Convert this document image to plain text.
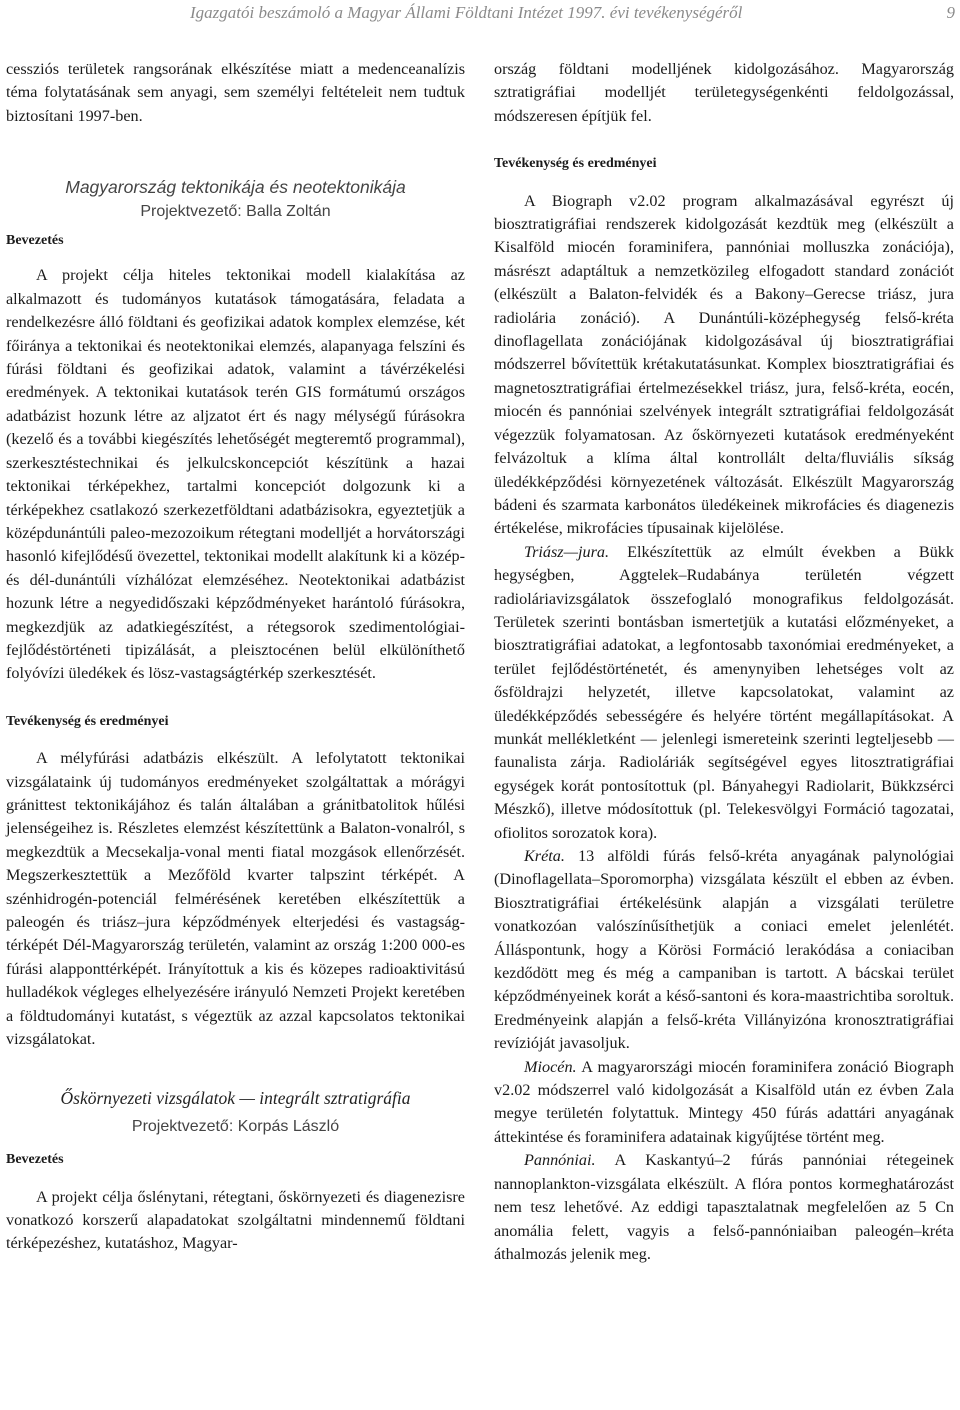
Igazgatói beszámoló a Magyar Állami Földtani Intézet 1997. évi tevékenységéről	9

cessziós területek rangsorának elkészítése miatt a medenceanalízis téma folytatásának sem anyagi, sem személyi feltételeit nem tudtuk biztosítani 1997-ben.

Magyarország tektonikája és neotektonikája

Projektvezető: Balla Zoltán

Bevezetés

A projekt célja hiteles tektonikai modell kialakítása az alkalmazott és tudományos kutatások támogatására, feladata a rendelkezésre álló földtani és geofizikai adatok komplex elemzése, két főiránya a tektonikai és neotektonikai elemzés, alapanyaga felszíni és fúrási földtani és geofizikai adatok, valamint a távérzékelési eredmények. A tektonikai kutatások terén GIS formátumú országos adatbázist hozunk létre az aljzatot ért és nagy mélységű fúrásokra (kezelő és a további kiegészítés lehetőségét megteremtő programmal), szerkesztéstechnikai és jelkulcskoncepciót készítünk a hazai tektonikai térképekhez, tartalmi koncepciót dolgozunk ki a térképekhez csatlakozó szerkezetföldtani adatbázisokra, egyeztetjük a középdunántúli paleo-mezozoikum rétegtani modelljét a horvátországi hasonló kifejlődésű övezettel, tektonikai modellt alakítunk ki a közép- és dél-dunántúli vízhálózat elemzéséhez. Neotektonikai adatbázist hozunk létre a negyedidőszaki képződményeket harántoló fúrásokra, megkezdjük az adatkiegészítést, a rétegsorok szedimentológiai-fejlődéstörténeti tipizálását, a pleisztocénen belül elkülöníthető folyóvízi üledékek és lösz-vastagságtérkép szerkesztését.

Tevékenység és eredményei

A mélyfúrási adatbázis elkészült. A lefolytatott tektonikai vizsgálataink új tudományos eredményeket szolgáltattak a mórágyi gránittest tektonikájához és talán általában a gránitbatolitok hűlési jelenségeihez is. Részletes elemzést készítettünk a Balaton-vonalról, s megkezdtük a Mecsekalja-vonal menti fiatal mozgások ellenőrzését. Megszerkesztettük a Mezőföld kvarter talpszint térképét. A szénhidrogén-potenciál felmérésének keretében elkészítettük a paleogén és triász–jura képződmények elterjedési és vastagság-térképét Dél-Magyarország területén, valamint az ország 1:200 000-es fúrási alapponttérképét. Irányítottuk a kis és közepes radioaktivitású hulladékok végleges elhelyezésére irányuló Nemzeti Projekt keretében a földtudományi kutatást, s végeztük az azzal kapcsolatos tektonikai vizsgálatokat.

Őskörnyezeti vizsgálatok — integrált sztratigráfia

Projektvezető: Korpás László

Bevezetés

A projekt célja őslénytani, rétegtani, őskörnyezeti és diagenezisre vonatkozó korszerű alapadatokat szolgáltatni mindennemű földtani térképezéshez, kutatáshoz, Magyar-

ország földtani modelljének kidolgozásához. Magyarország sztratigráfiai modelljét területegységenkénti feldolgozással, módszeresen építjük fel.

Tevékenység és eredményei

A Biograph v2.02 program alkalmazásával egyrészt új biosztratigráfiai rendszerek kidolgozását kezdtük meg (elkészült a Kisalföld miocén foraminifera, pannóniai molluszka zonációja), másrészt adaptáltuk a nemzetközileg elfogadott standard zonációt (elkészült a Balaton-felvidék és a Bakony–Gerecse triász, jura radiolária zonáció). A Dunántúli-középhegység felső-kréta dinoflagellata zonációjának kidolgozásával új biosztratigráfiai módszerrel bővítettük krétakutatásunkat. Komplex biosztratigráfiai és magnetosztratigráfiai értelmezésekkel triász, jura, felső-kréta, eocén, miocén és pannóniai szelvények integrált sztratigráfiai feldolgozását végezzük folyamatosan. Az őskörnyezeti kutatások eredményeként felvázoltuk a klíma által kontrollált delta/fluviális síkság üledékképződési környezetének változását. Elkészült Magyarország bádeni és szarmata karbonátos üledékeinek mikrofácies és diagenezis értékelése, mikrofácies típusainak kijelölése.

Triász—jura. Elkészítettük az elmúlt években a Bükk hegységben, Aggtelek–Rudabánya területén végzett radioláriavizsgálatok összefoglaló monografikus feldolgozását. Területek szerinti bontásban ismertetjük a kutatási előzményeket, a biosztratigráfiai adatokat, a legfontosabb taxonómiai eredményeket, a terület fejlődéstörténetét, és amenynyiben lehetséges volt az ősföldrajzi helyzetét, illetve kapcsolatokat, valamint az üledékképződés sebességére és helyére történt megállapításokat. A munkát mellékletként — jelenlegi ismereteink szerinti legteljesebb — faunalista zárja. Radioláriák segítségével egyes litosztratigráfiai egységek korát pontosítottuk (pl. Bányahegyi Radiolarit, Bükkzsérci Mészkő), illetve módosítottuk (pl. Telekesvölgyi Formáció tagozatai, ofiolitos sorozatok kora).

Kréta. 13 alföldi fúrás felső-kréta anyagának palynológiai (Dinoflagellata–Sporomorpha) vizsgálata készült el ebben az évben. Biosztratigráfiai értékelésünk alapján a vizsgálati területre vonatkozóan valószínűsíthetjük a coniaci emelet jelenlétét. Álláspontunk, hogy a Körösi Formáció lerakódása a coniaciban kezdődött meg és még a campaniban is tartott. A bácskai terület képződményeinek korát a késő-santoni és kora-maastrichtiba soroltuk. Eredményeink alapján a felső-kréta Villányizóna kronosztratigráfiai revízióját javasoljuk.

Miocén. A magyarországi miocén foraminifera zonáció Biograph v2.02 módszerrel való kidolgozását a Kisalföld után ez évben Zala megye területén folytattuk. Mintegy 450 fúrás adattári anyagának áttekintése és foraminifera adatainak kigyűjtése történt meg.

Pannóniai. A Kaskantyú–2 fúrás pannóniai rétegeinek nannoplankton-vizsgálata elkészült. A flóra pontos kormeghatározást nem tesz lehetővé. Az eddigi tapasztalatnak megfelelően az 5 Cn anomália felett, vagyis a felső-pannóniaiban paleogén–kréta áthalmozás jelenik meg.
